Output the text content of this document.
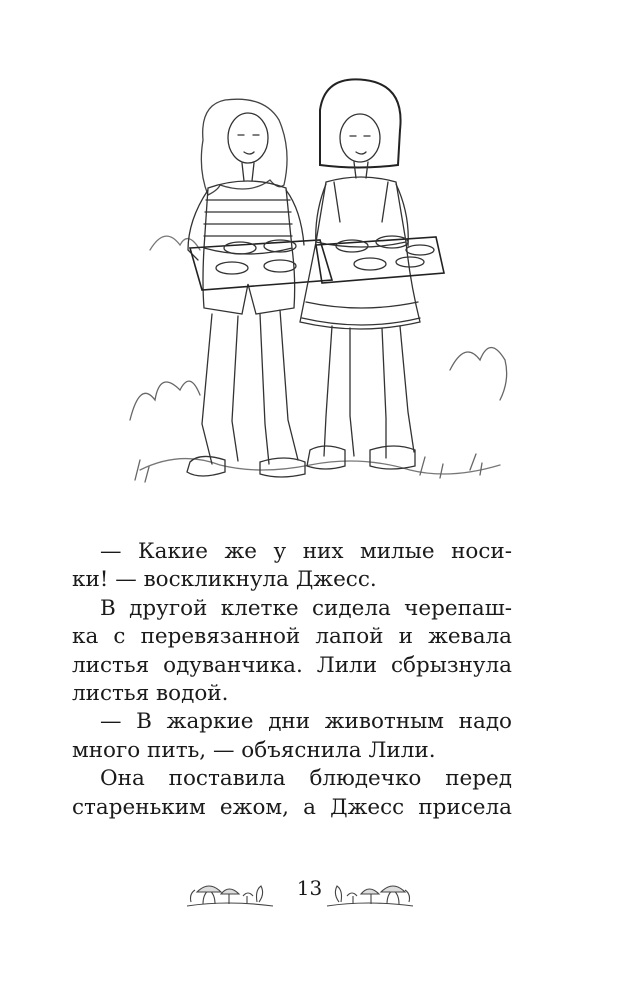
— Какие же у них милые носи-
ки! — воскликнула Джесс.
В другой клетке сидела черепаш-
ка с перевязанной лапой и жевала
листья одуванчика. Лили сбрызнула
листья водой.
— В жаркие дни животным надо
много пить, — объяснила Лили.
Она поставила блюдечко перед
стареньким ежом, а Джесс присела
13
